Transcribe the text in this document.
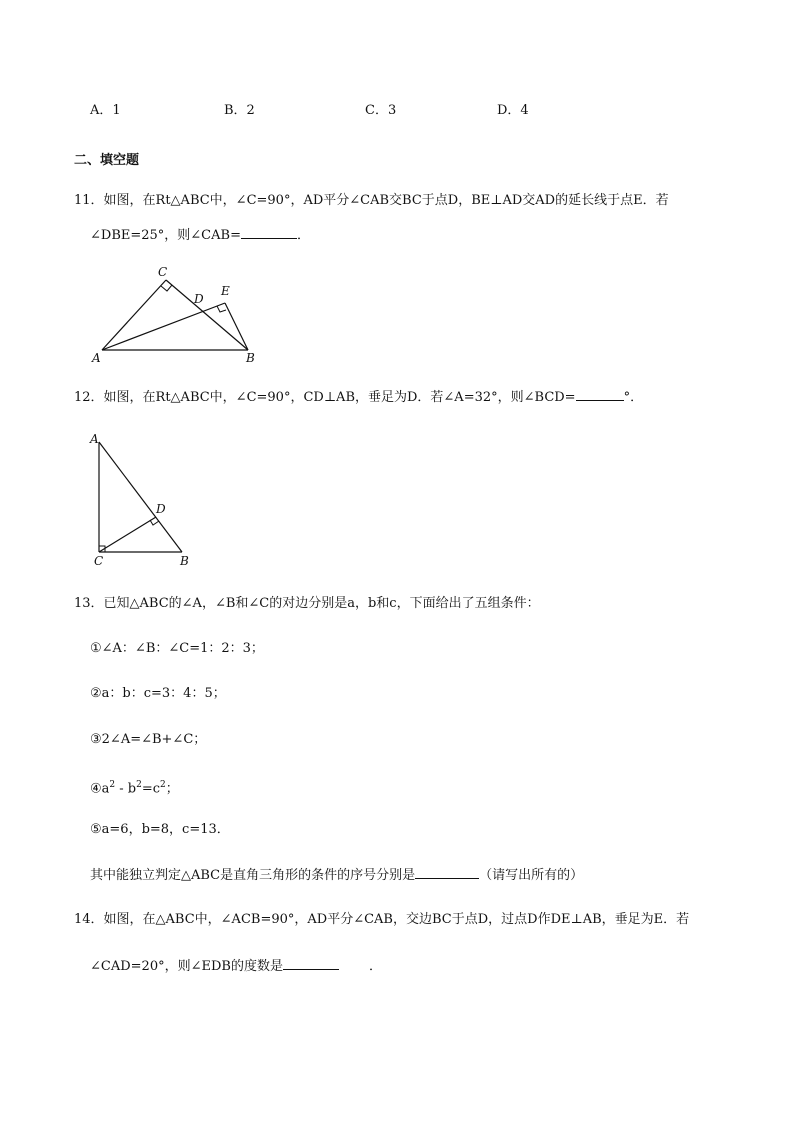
A．1	B．2	C．3	D．4
二、填空题
11．如图，在Rt△ABC中，∠C=90°，AD平分∠CAB交BC于点D，BE⊥AD交AD的延长线于点E．若
∠DBE=25°，则∠CAB=	．
C
D
E
A	B
12．如图，在Rt△ABC中，∠C=90°，CD⊥AB，垂足为D．若∠A=32°，则∠BCD=	°．
A
D
C	B
13．已知△ABC的∠A，∠B和∠C的对边分别是a，b和c，下面给出了五组条件：
①∠A：∠B：∠C=1：2：3；
②a：b：c=3：4：5；
③2∠A=∠B+∠C；
$④a^2 - b^2=c^2$；
⑤a=6，b=8，c=13．
其中能独立判定△ABC是直角三角形的条件的序号分别是	（请写出所有的）
14．如图，在△ABC中，∠ACB=90°，AD平分∠CAB，交边BC于点D，过点D作DE⊥AB，垂足为E．若
∠CAD=20°，则∠EDB的度数是	．
